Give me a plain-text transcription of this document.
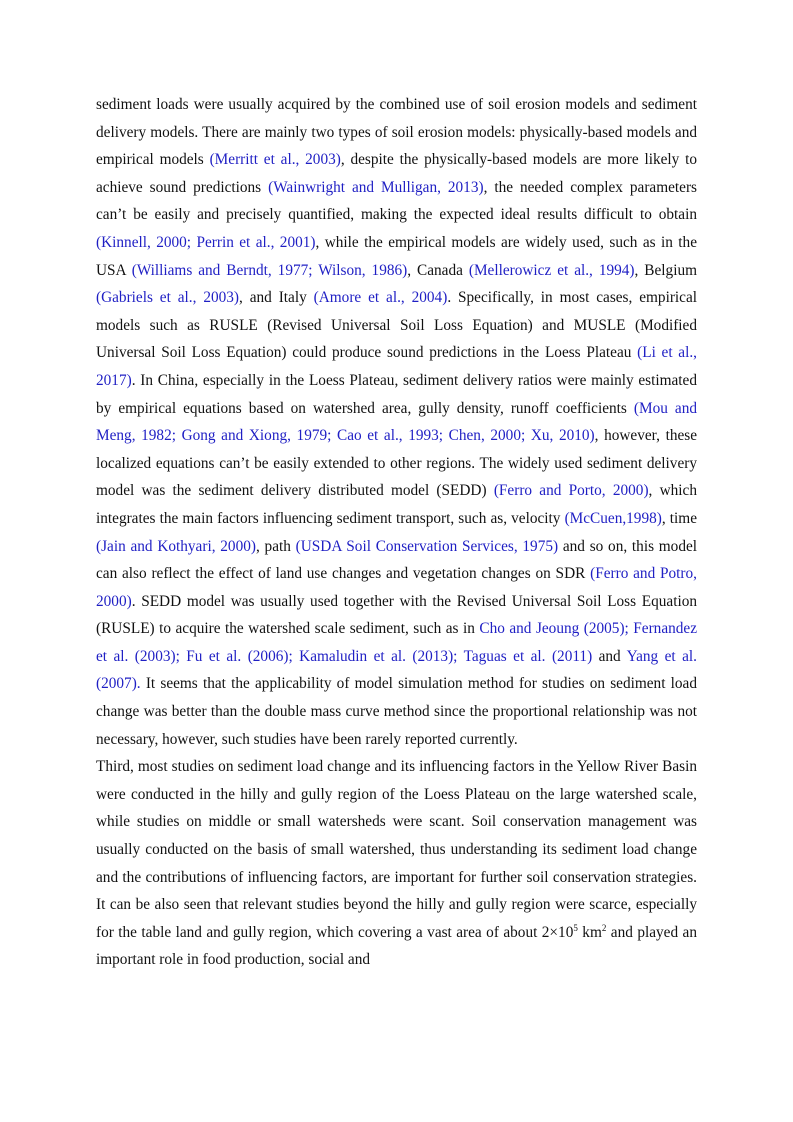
sediment loads were usually acquired by the combined use of soil erosion models and sediment delivery models. There are mainly two types of soil erosion models: physically-based models and empirical models (Merritt et al., 2003), despite the physically-based models are more likely to achieve sound predictions (Wainwright and Mulligan, 2013), the needed complex parameters can’t be easily and precisely quantified, making the expected ideal results difficult to obtain (Kinnell, 2000; Perrin et al., 2001), while the empirical models are widely used, such as in the USA (Williams and Berndt, 1977; Wilson, 1986), Canada (Mellerowicz et al., 1994), Belgium (Gabriels et al., 2003), and Italy (Amore et al., 2004). Specifically, in most cases, empirical models such as RUSLE (Revised Universal Soil Loss Equation) and MUSLE (Modified Universal Soil Loss Equation) could produce sound predictions in the Loess Plateau (Li et al., 2017). In China, especially in the Loess Plateau, sediment delivery ratios were mainly estimated by empirical equations based on watershed area, gully density, runoff coefficients (Mou and Meng, 1982; Gong and Xiong, 1979; Cao et al., 1993; Chen, 2000; Xu, 2010), however, these localized equations can’t be easily extended to other regions. The widely used sediment delivery model was the sediment delivery distributed model (SEDD) (Ferro and Porto, 2000), which integrates the main factors influencing sediment transport, such as, velocity (McCuen,1998), time (Jain and Kothyari, 2000), path (USDA Soil Conservation Services, 1975) and so on, this model can also reflect the effect of land use changes and vegetation changes on SDR (Ferro and Potro, 2000). SEDD model was usually used together with the Revised Universal Soil Loss Equation (RUSLE) to acquire the watershed scale sediment, such as in Cho and Jeoung (2005); Fernandez et al. (2003); Fu et al. (2006); Kamaludin et al. (2013); Taguas et al. (2011) and Yang et al. (2007). It seems that the applicability of model simulation method for studies on sediment load change was better than the double mass curve method since the proportional relationship was not necessary, however, such studies have been rarely reported currently.

Third, most studies on sediment load change and its influencing factors in the Yellow River Basin were conducted in the hilly and gully region of the Loess Plateau on the large watershed scale, while studies on middle or small watersheds were scant. Soil conservation management was usually conducted on the basis of small watershed, thus understanding its sediment load change and the contributions of influencing factors, are important for further soil conservation strategies. It can be also seen that relevant studies beyond the hilly and gully region were scarce, especially for the table land and gully region, which covering a vast area of about $2\times 10^5$ $km^2$ and played an important role in food production, social and
